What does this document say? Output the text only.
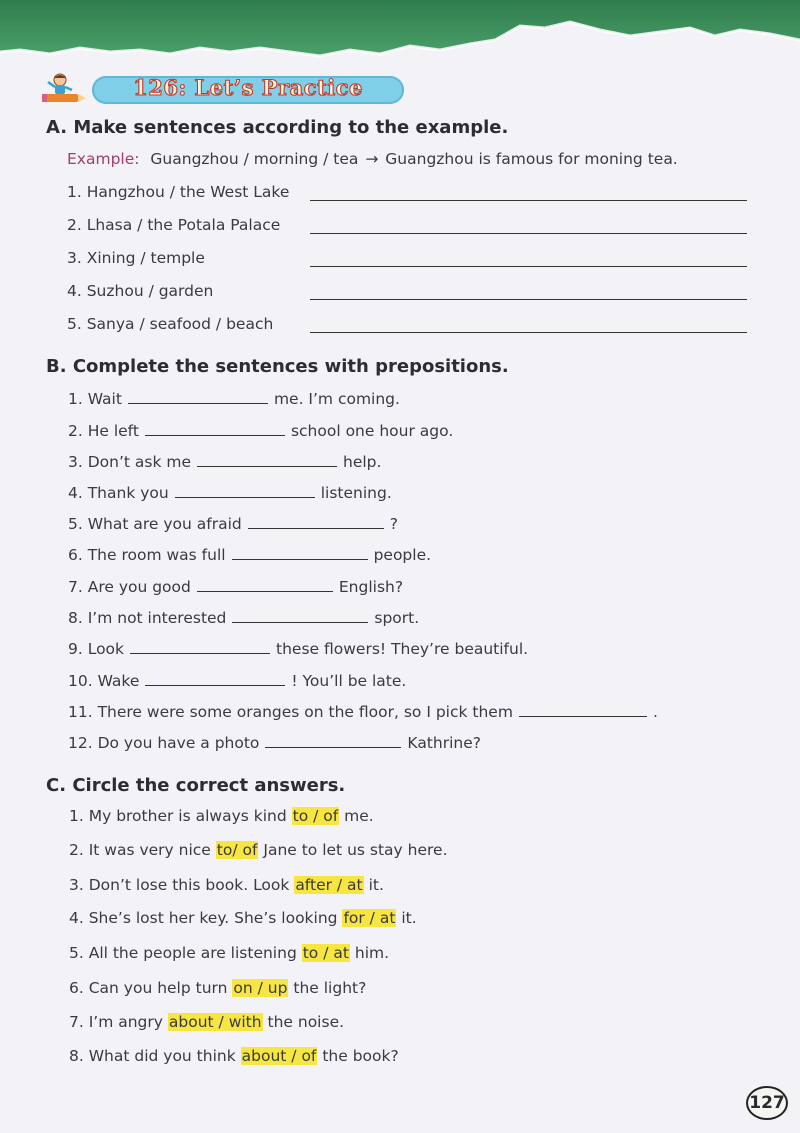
126: Let’s Practice
A. Make sentences according to the example.
Example: Guangzhou / morning / tea → Guangzhou is famous for moning tea.
1. Hangzhou / the West Lake
2. Lhasa / the Potala Palace
3. Xining / temple
4. Suzhou / garden
5. Sanya / seafood / beach
B. Complete the sentences with prepositions.
1. Wait	me. I’m coming.
2. He left	school one hour ago.
3. Don’t ask me	help.
4. Thank you	listening.
5. What are you afraid	?
6. The room was full	people.
7. Are you good	English?
8. I’m not interested	sport.
9. Look	these flowers! They’re beautiful.
10. Wake	! You’ll be late.
11. There were some oranges on the floor, so I pick them	.
12. Do you have a photo	Kathrine?
C. Circle the correct answers.
1. My brother is always kind to / of me.
2. It was very nice to/ of Jane to let us stay here.
3. Don’t lose this book. Look after / at it.
4. She’s lost her key. She’s looking for / at it.
5. All the people are listening to / at him.
6. Can you help turn on / up the light?
7. I’m angry about / with the noise.
8. What did you think about / of the book?
127
